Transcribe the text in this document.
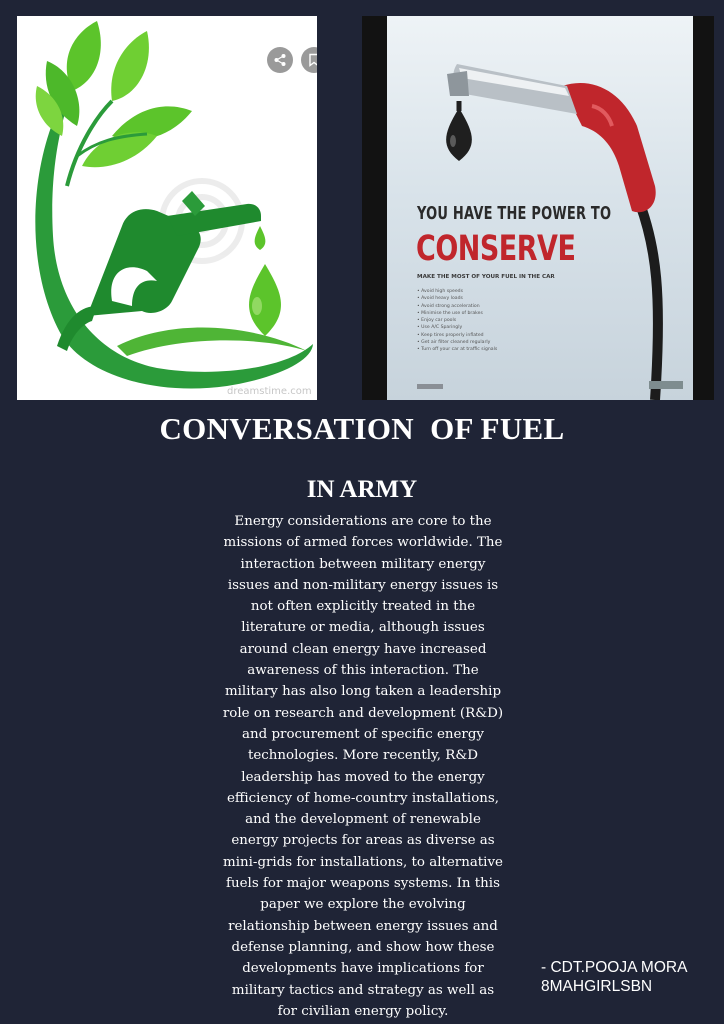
dreamstime.com
YOU HAVE THE POWER TO
CONSERVE
MAKE THE MOST OF YOUR FUEL IN THE CAR
• Avoid high speeds
• Avoid heavy loads
• Avoid strong acceleration
• Minimise the use of brakes
• Enjoy car pools
• Use A/C Sparingly
• Keep tires properly inflated
• Get air filter cleaned regularly
• Turn off your car at traffic signals
CONVERSATION  OF FUEL
IN ARMY

Energy considerations are core to the missions of armed forces worldwide. The interaction between military energy issues and non-military energy issues is not often explicitly treated in the literature or media, although issues around clean energy have increased awareness of this interaction. The military has also long taken a leadership role on research and development (R&D) and procurement of specific energy technologies. More recently, R&D leadership has moved to the energy efficiency of home-country installations, and the development of renewable energy projects for areas as diverse as mini-grids for installations, to alternative fuels for major weapons systems. In this paper we explore the evolving relationship between energy issues and defense planning, and show how these developments have implications for military tactics and strategy as well as for civilian energy policy.

- CDT.POOJA MORA
8MAHGIRLSBN
